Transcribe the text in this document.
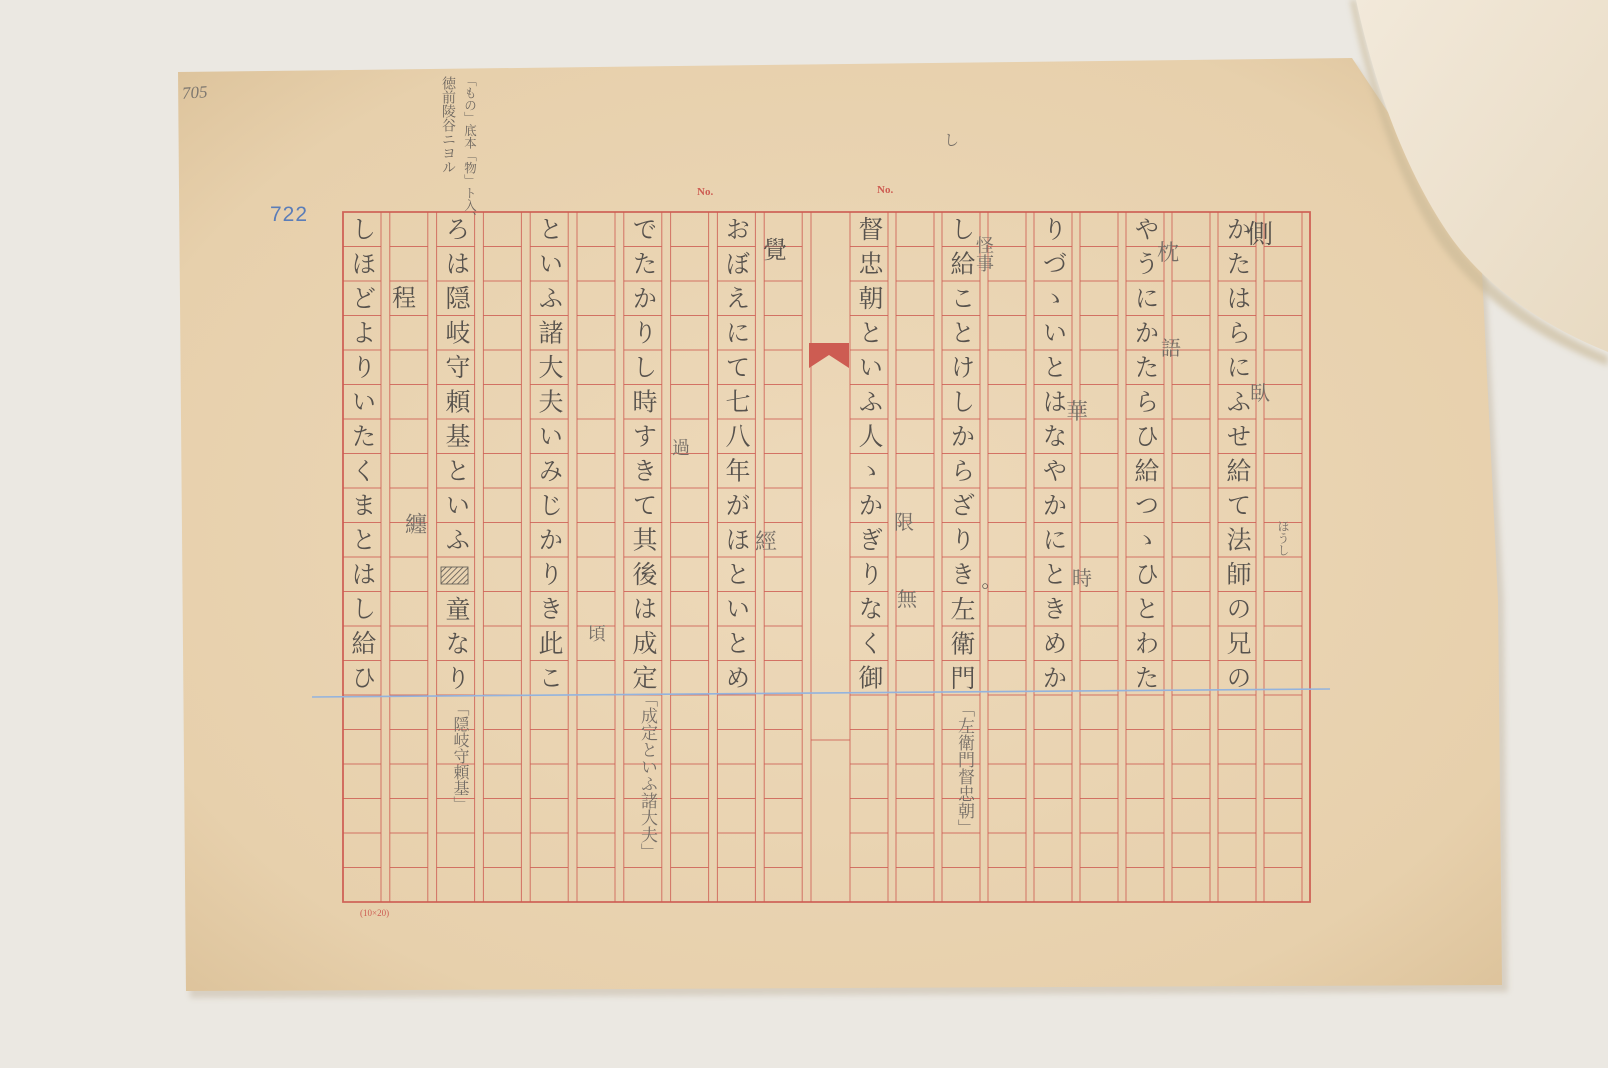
705
722
し
No.	No.
(10×20)
「もの」底本「物」ト入、
徳前陵谷ニヨル
かたはらにふせ給て法師の兄の
やうにかたらひ給つゝひとわた
りづゝいとはなやかにときめか
し給ことけしからざりき
。
左衛門
督忠朝といふ人ゝかぎりなく御
おぼえにて七八年がほといとめ
でたかりし時すきて其後は成定
といふ諸大夫いみじかりき此こ
ろは隠岐守頼基といふ
童なり
しほどよりいたくまとはし給ひ	側
臥
ほうし
枕
語
華
時
怪事
限
無
覺
經
過
程
纏
頃
「左衛門督忠朝」
「成定といふ諸大夫」
「隠岐守頼基」
